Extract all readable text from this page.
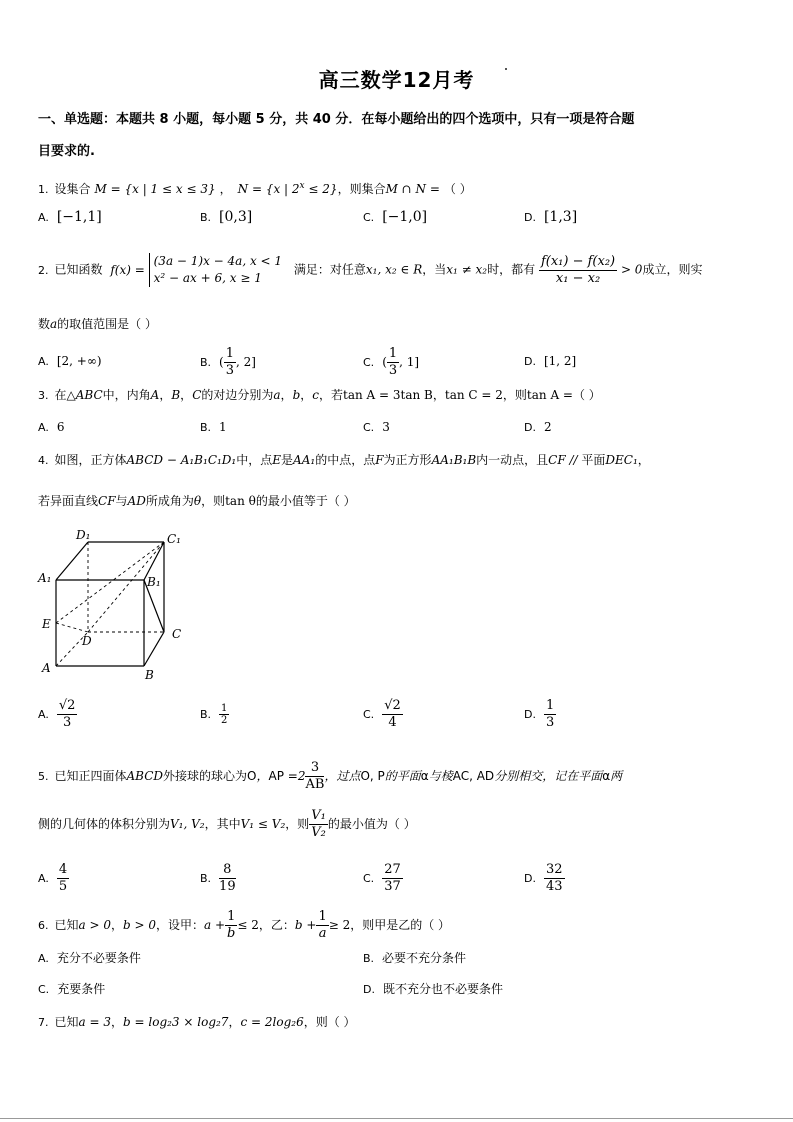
高三数学12月考
一、单选题：本题共 8 小题，每小题 5 分，共 40 分．在每小题给出的四个选项中，只有一项是符合题
目要求的.
1. 设集合 M = {x | 1 ≤ x ≤ 3} ， N = {x | $2^x \le 2$}，则集合M ∩ N = （ ）
A. [−1,1]	B. [0,3]	C. [−1,0]	D. [1,3]
2. 已知函数 f(x) =
(3a − 1)x − 4a, x < 1
x² − ax + 6, x ≥ 1
满足：对任意x₁, x₂ ∈ R，当x₁ ≠ x₂时，都有 $\frac{\text{f(x₁) − f(x₂)}}{\text{x₁ − x₂}} > 0$成立，则实
数a的取值范围是（ ）
A. [2, +∞)	B. ( $\frac{1}{3}$ , 2]	C. ( $\frac{1}{3}$ , 1]	D. [1, 2]
3. 在△ABC中，内角A，B，C的对边分别为a，b，c，若tan A = 3tan B，tan C = 2，则tan A =（ ）
A. 6	B. 1	C. 3	D. 2
4. 如图，正方体ABCD − A₁B₁C₁D₁中，点E是AA₁的中点，点F为正方形AA₁B₁B内一动点，且CF // 平面DEC₁，
若异面直线CF与AD所成角为θ，则tan θ的最小值等于（ ）
D₁	C₁
A₁	B₁
E
D	C
A	B
A. $\frac{√2}{3}$	B. $\frac{1}{2}$	C. $\frac{√2}{4}$	D. $\frac{1}{3}$
5. 已知正四面体ABCD外接球的球心为O，AP $=2 \frac{3}{AB}$ ，过点O, P的平面α与棱AC, AD分别相交，记在平面α两
侧的几何体的体积分别为V₁, V₂，其中V₁ ≤ V₂，则 $\frac{\text{V₁}}{\text{V₂}}$ 的最小值为（ ）
A. $\frac{4}{5}$	B. $\frac{8}{19}$	C. $\frac{27}{37}$	D. $\frac{32}{43}$
6. 已知a > 0，b > 0，设甲：$a + \frac{1}{b} \le 2$，乙：$b + \frac{1}{a} \ge 2$，则甲是乙的（ ）
A. 充分不必要条件	B. 必要不充分条件
C. 充要条件	D. 既不充分也不必要条件
7. 已知a = 3，b = log₂3 × log₂7，c = 2log₂6，则（ ）
